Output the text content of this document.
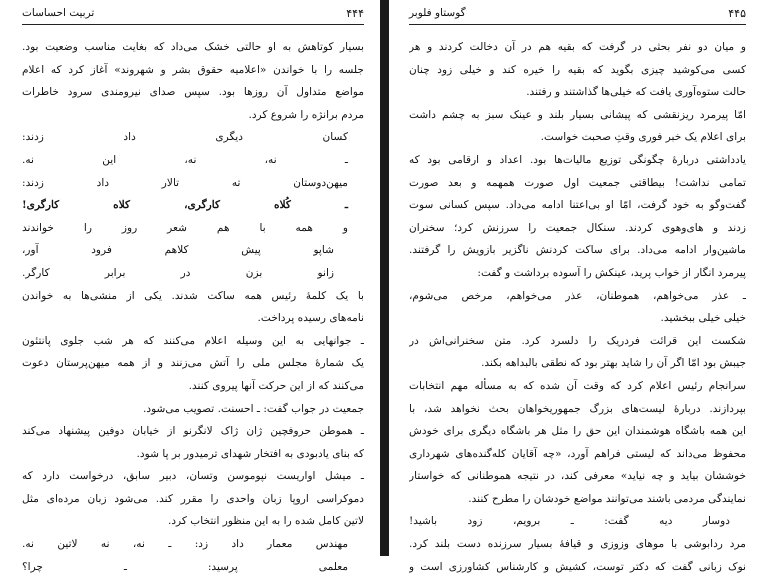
۴۴۴
تربیت احساسات
بسیار کوتاهش به او حالتی خشک می‌داد که بغایت مناسب وضعیت بود.
جلسه را با خواندن «اعلامیه حقوق بشر و شهروند» آغاز کرد که اعلام
مواضع متداول آن روزها بود. سپس صدای نیرومندی سرود خاطرات
مردم برانژه را شروع کرد.
کسان دیگری داد زدند:
ـ نه، نه، این نه.
میهن‌دوستان ته تالار داد زدند:
ـ کُلاه کارگری، کلاه کارگری!
و همه با هم شعر روز را خواندند
شاپو پیش کلاهم فرود آور،
زانو بزن در برابر کارگر.
با یک کلمهٔ رئیس همه ساکت شدند. یکی از منشی‌ها به خواندن
نامه‌های رسیده پرداخت.
ـ جوانهایی به این وسیله اعلام می‌کنند که هر شب جلوی پانتئون
یک شمارهٔ مجلس ملی را آتش می‌زنند و از همه میهن‌پرستان دعوت
می‌کنند که از این حرکت آنها پیروی کنند.
جمعیت در جواب گفت: ـ احسنت. تصویب می‌شود.
ـ هموطن حروفچین ژان ژاک لانگرنو از خیابان دوفین پیشنهاد می‌کند
که بنای یادبودی به افتخار شهدای ترمیدور بر پا شود.
ـ میشل اواریست نپوموسن وتسان، دبیر سابق، درخواست دارد که
دموکراسی اروپا زبان واحدی را مقرر کند. می‌شود زبان مرده‌ای مثل
لاتین کامل شده را به این منظور انتخاب کرد.
مهندس معمار داد زد: ـ نه، نه لاتین نه.
معلمی پرسید: ـ چرا؟
۴۴۵
گوستاو فلوبر
و میان دو نفر بحثی در گرفت که بقیه هم در آن دخالت کردند و هر
کسی می‌کوشید چیزی بگوید که بقیه را خیره کند و خیلی زود چنان
حالت ستوه‌آوری یافت که خیلی‌ها گذاشتند و رفتند.
امّا پیرمرد ریزنقشی که پیشانی بسیار بلند و عینک سبز به چشم داشت
برای اعلام یک خبر فوری وقتِ صحبت خواست.
یادداشتی دربارهٔ چگونگی توزیع مالیات‌ها بود. اعداد و ارقامی بود که
تمامی نداشت! بیطاقتی جمعیت اول صورت همهمه و بعد صورت
گفت‌وگو به خود گرفت، امّا او بی‌اعتنا ادامه می‌داد. سپس کسانی سوت
زدند و های‌وهوی کردند. سنکال جمعیت را سرزنش کرد؛ سخنران
ماشین‌وار ادامه می‌داد. برای ساکت کردنش ناگزیر بازویش را گرفتند.
پیرمرد انگار از خواب پرید، عینکش را آسوده برداشت و گفت:
ـ عذر می‌خواهم، هموطنان، عذر می‌خواهم، مرخص می‌شوم،
خیلی خیلی ببخشید.
شکست این قرائت فردریک را دلسرد کرد. متن سخنرانی‌اش در
جیبش بود امّا اگر آن را شاید بهتر بود که نطقی بالبداهه بکند.
سرانجام رئیس اعلام کرد که وقت آن شده که به مسأله مهم انتخابات
بپردازند. دربارهٔ لیست‌های بزرگ جمهوریخواهان بحث نخواهد شد، با
این همه باشگاه هوشمندان این حق را مثل هر باشگاه دیگری برای خودش
محفوظ می‌داند که لیستی فراهم آورد، «چه آقایان کله‌گنده‌های شهرداری
خوششان بیاید و چه نیاید» معرفی کند، در نتیجه هموطنانی که خواستار
نمایندگی مردمی باشند می‌توانند مواضع خودشان را مطرح کنند.
دوسار دیه گفت: ـ برویم، زود باشید!
مرد ردابوشی با موهای وزوزی و قیافهٔ بسیار سرزنده دست بلند کرد.
نوک زبانی گفت که دکتر توست، کشیش و کارشناس کشاورزی است و
